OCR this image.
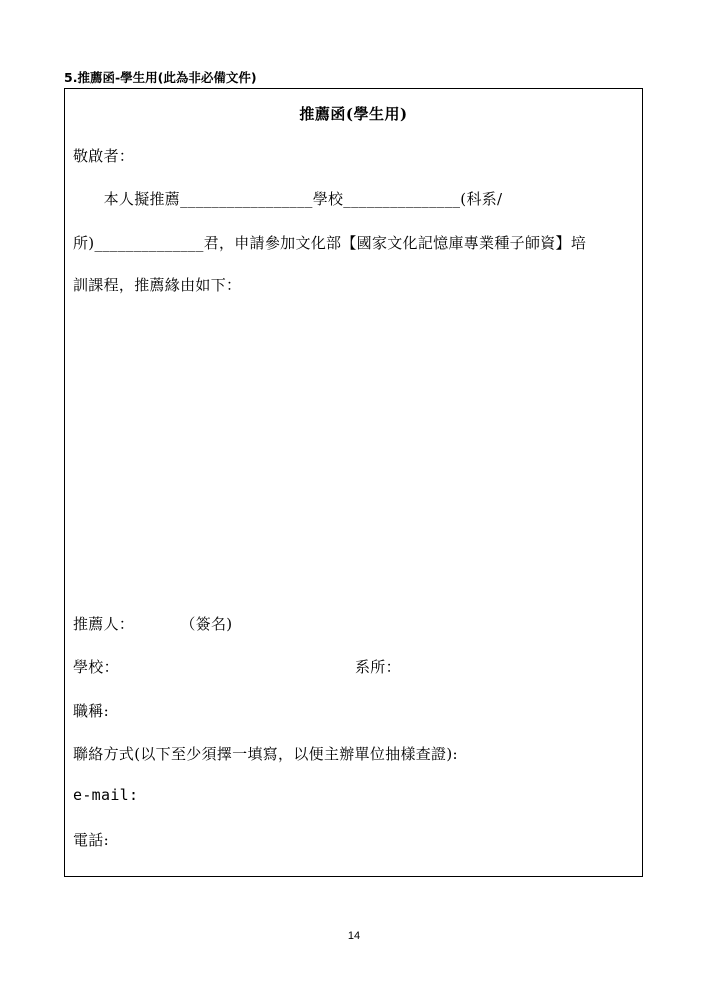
5.推薦函-學生用(此為非必備文件)
推薦函(學生用)
敬啟者：
　　本人擬推薦_________________學校_______________(科系/
所)______________君，申請參加文化部【國家文化記憶庫專業種子師資】培
訓課程，推薦緣由如下：
推薦人：　　　　（簽名)
學校：	系所：
職稱:
聯絡方式(以下至少須擇一填寫，以便主辦單位抽樣查證):
e-mail:
電話:
14
